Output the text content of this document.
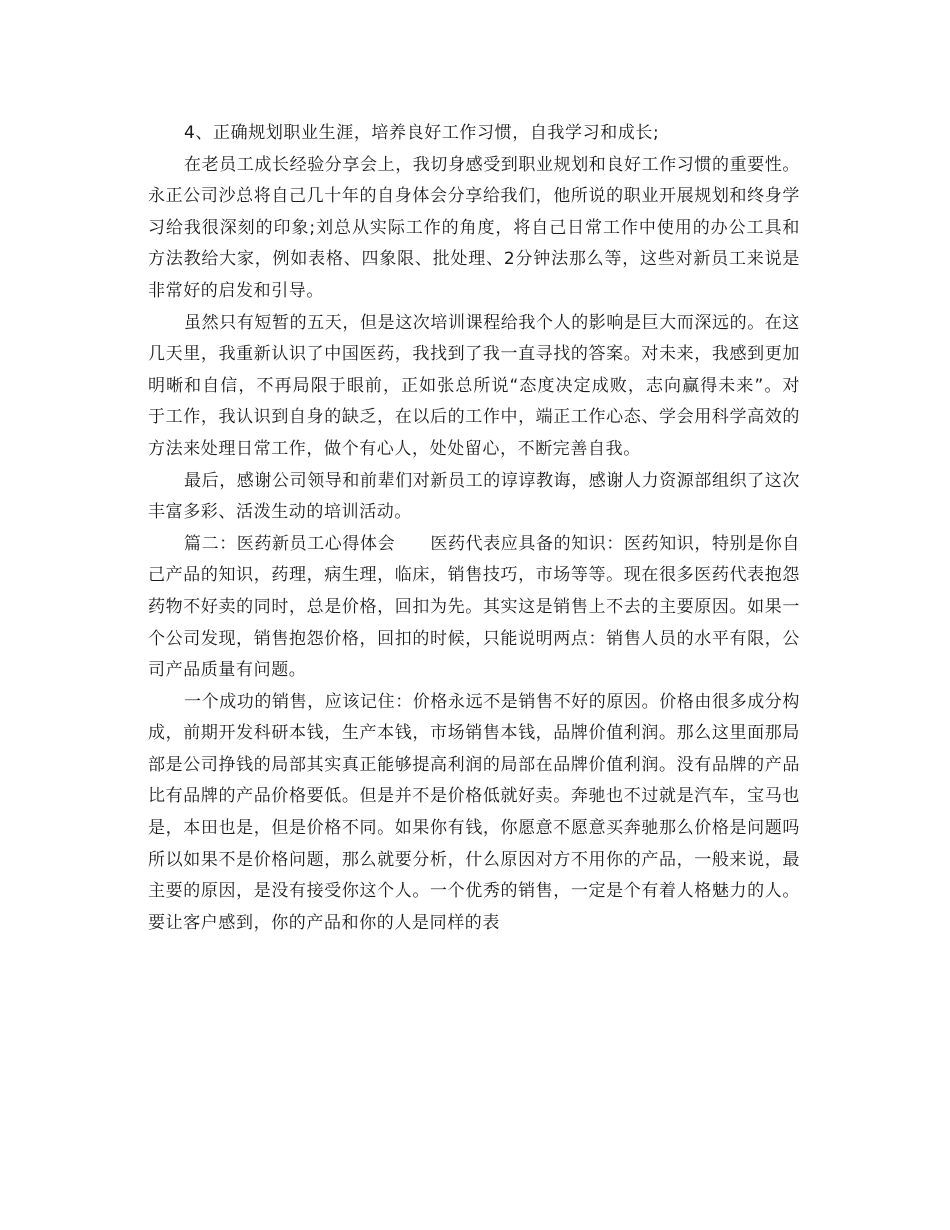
4、正确规划职业生涯，培养良好工作习惯，自我学习和成长;

在老员工成长经验分享会上，我切身感受到职业规划和良好工作习惯的重要性。永正公司沙总将自己几十年的自身体会分享给我们，他所说的职业开展规划和终身学习给我很深刻的印象;刘总从实际工作的角度，将自己日常工作中使用的办公工具和方法教给大家，例如表格、四象限、批处理、2分钟法那么等，这些对新员工来说是非常好的启发和引导。

虽然只有短暂的五天，但是这次培训课程给我个人的影响是巨大而深远的。在这几天里，我重新认识了中国医药，我找到了我一直寻找的答案。对未来，我感到更加明晰和自信，不再局限于眼前，正如张总所说“态度决定成败，志向赢得未来”。对于工作，我认识到自身的缺乏，在以后的工作中，端正工作心态、学会用科学高效的方法来处理日常工作，做个有心人，处处留心，不断完善自我。

最后，感谢公司领导和前辈们对新员工的谆谆教诲，感谢人力资源部组织了这次丰富多彩、活泼生动的培训活动。

篇二：医药新员工心得体会　　医药代表应具备的知识：医药知识，特别是你自己产品的知识，药理，病生理，临床，销售技巧，市场等等。现在很多医药代表抱怨药物不好卖的同时，总是价格，回扣为先。其实这是销售上不去的主要原因。如果一个公司发现，销售抱怨价格，回扣的时候，只能说明两点：销售人员的水平有限，公司产品质量有问题。

一个成功的销售，应该记住：价格永远不是销售不好的原因。价格由很多成分构成，前期开发科研本钱，生产本钱，市场销售本钱，品牌价值利润。那么这里面那局部是公司挣钱的局部其实真正能够提高利润的局部在品牌价值利润。没有品牌的产品比有品牌的产品价格要低。但是并不是价格低就好卖。奔驰也不过就是汽车，宝马也是，本田也是，但是价格不同。如果你有钱，你愿意不愿意买奔驰那么价格是问题吗所以如果不是价格问题，那么就要分析，什么原因对方不用你的产品，一般来说，最主要的原因，是没有接受你这个人。一个优秀的销售，一定是个有着人格魅力的人。要让客户感到，你的产品和你的人是同样的表
